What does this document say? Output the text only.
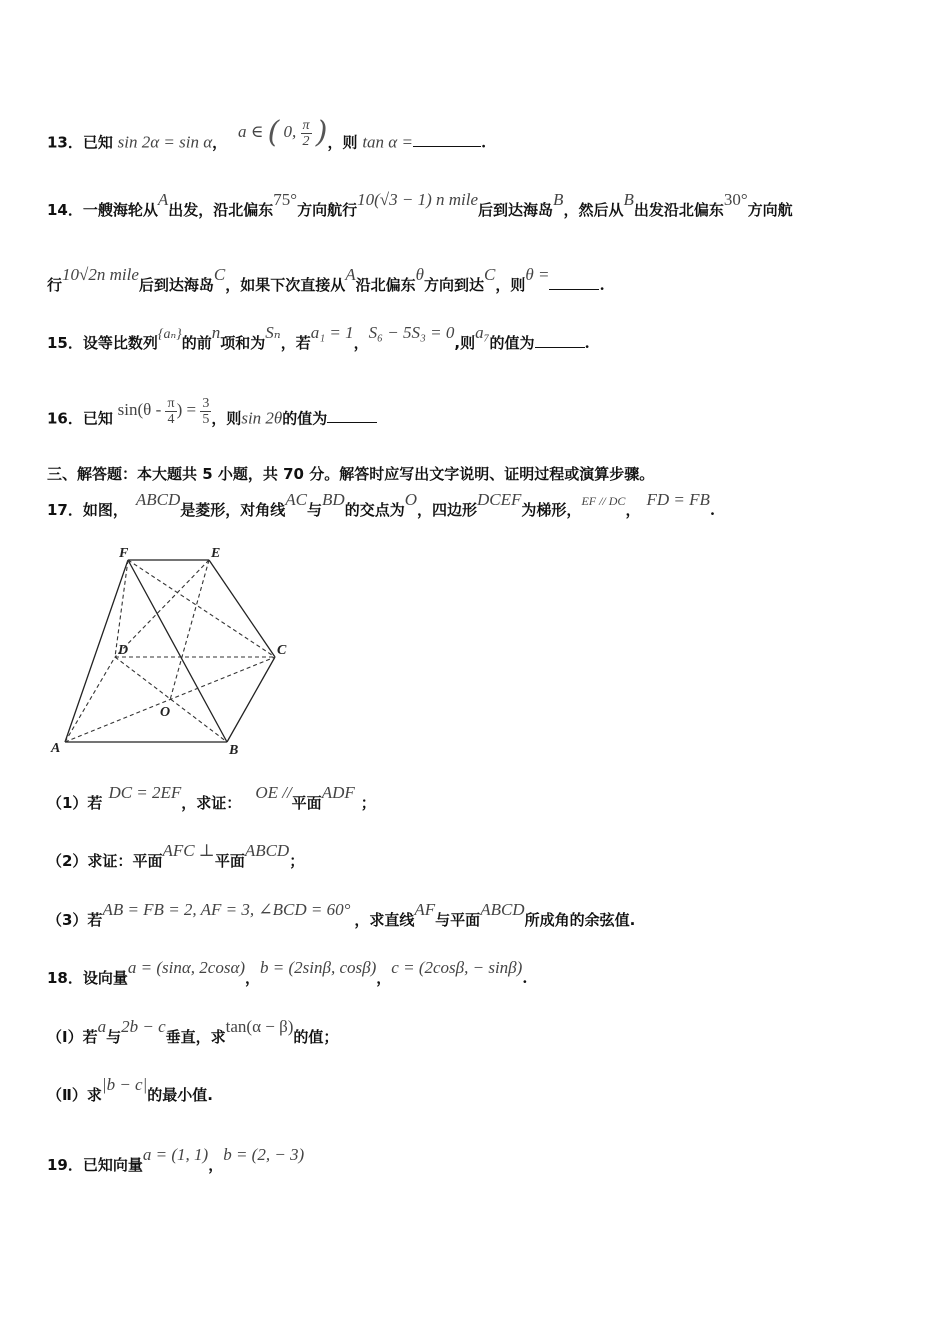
13．已知 sin 2α = sin α， a ∈ ( 0, $\frac{\pi}{2}$ )，则 tan α =	.
14．一艘海轮从A出发，沿北偏东75°方向航行10(√3 − 1) n mile后到达海岛B，然后从B出发沿北偏东30°方向航
行10√2n mile后到达海岛C，如果下次直接从A沿北偏东θ方向到达C，则θ =.
15．设等比数列{aₙ}的前n项和为Sₙ，若a₁ = 1，S₆ − 5S₃ = 0,则a₇的值为	.
16．已知 $\sin(\theta - \frac{\pi}{4}$ ) = $\frac{3}{5}$ ，则sin 2θ的值为
三、解答题：本大题共 5 小题，共 70 分。解答时应写出文字说明、证明过程或演算步骤。
17．如图，ABCD是菱形，对角线AC与BD的交点为O，四边形DCEF为梯形，$^{EF // DC}$，FD = FB.
F	E
D	C
O
A	B
（1）若DC = 2EF，求证：OE //平面ADF；
（2）求证：平面AFC ⊥平面ABCD；
（3）若AB = FB = 2, AF = 3, ∠BCD = 60°，求直线AF与平面ABCD所成角的余弦值.
18．设向量a = (sinα, 2cosα)，b = (2sinβ, cosβ)，c = (2cosβ, − sinβ).
（Ⅰ）若a与2b − c垂直，求tan(α − β)的值；
（Ⅱ）求|b − c|的最小值.
19．已知向量a = (1, 1)，b = (2, − 3)
